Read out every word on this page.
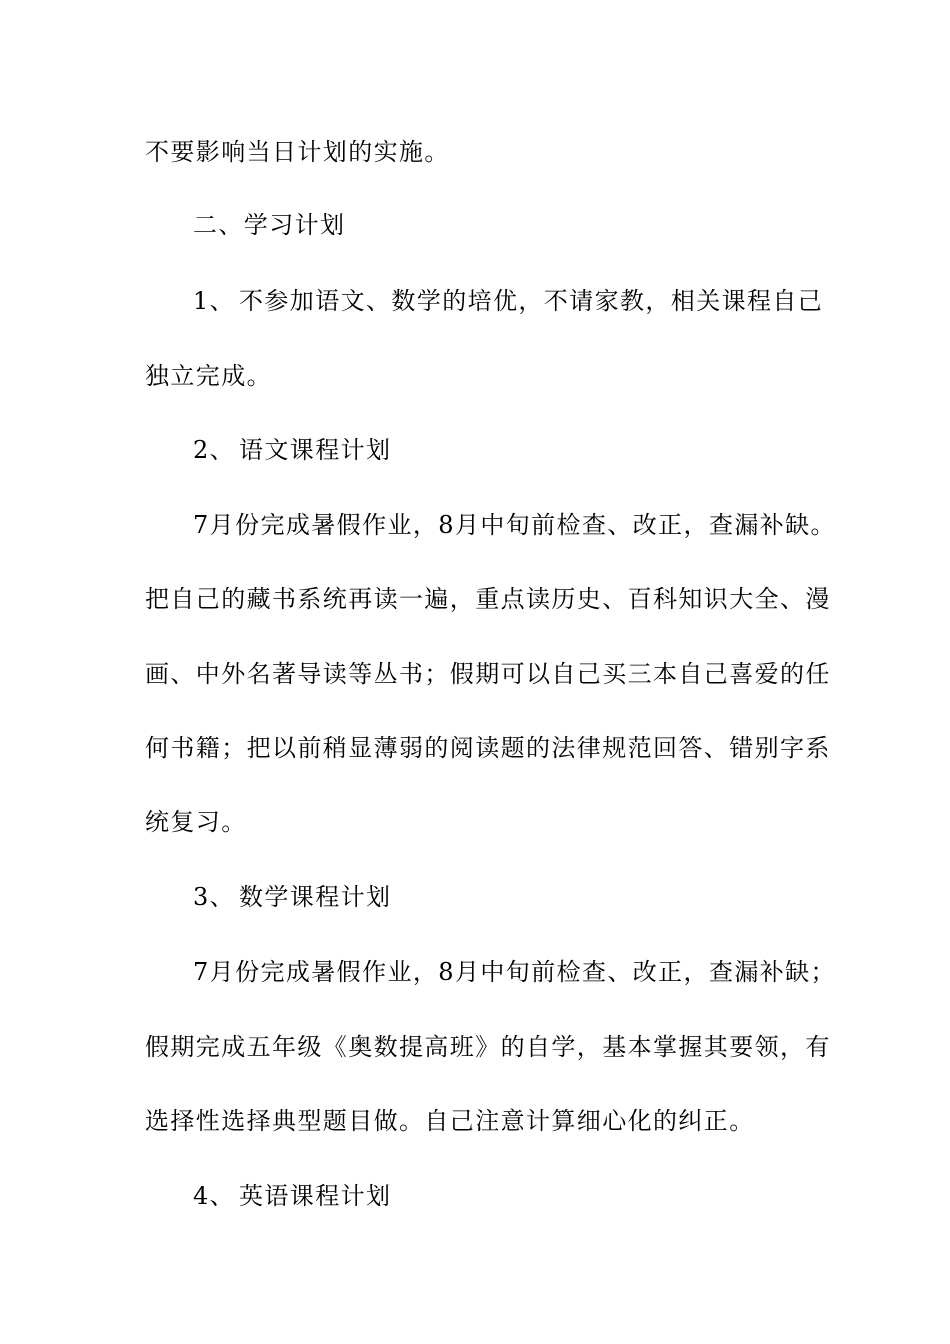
不要影响当日计划的实施。
二、学习计划
1、 不参加语文、数学的培优，不请家教，相关课程自己
独立完成。
2、 语文课程计划
7月份完成暑假作业，8月中旬前检查、改正，查漏补缺。
把自己的藏书系统再读一遍，重点读历史、百科知识大全、漫
画、中外名著导读等丛书；假期可以自己买三本自己喜爱的任
何书籍；把以前稍显薄弱的阅读题的法律规范回答、错别字系
统复习。
3、 数学课程计划
7月份完成暑假作业，8月中旬前检查、改正，查漏补缺；
假期完成五年级《奥数提高班》的自学，基本掌握其要领，有
选择性选择典型题目做。自己注意计算细心化的纠正。
4、 英语课程计划
